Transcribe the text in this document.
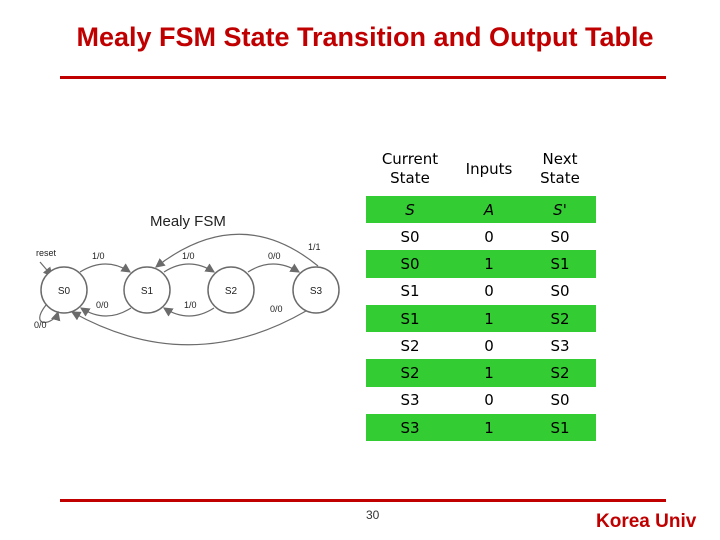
Mealy FSM State Transition and Output Table
Mealy FSM
reset
S0	S1	S2	S3
1/0
0/0
1/0
1/0
0/0
0/0
1/1
0/0
Current
State	Inputs	Next
State
S	A	S'
S0	0	S0
S0	1	S1
S1	0	S0
S1	1	S2
S2	0	S3
S2	1	S2
S3	0	S0
S3	1	S1
30	Korea Univ
